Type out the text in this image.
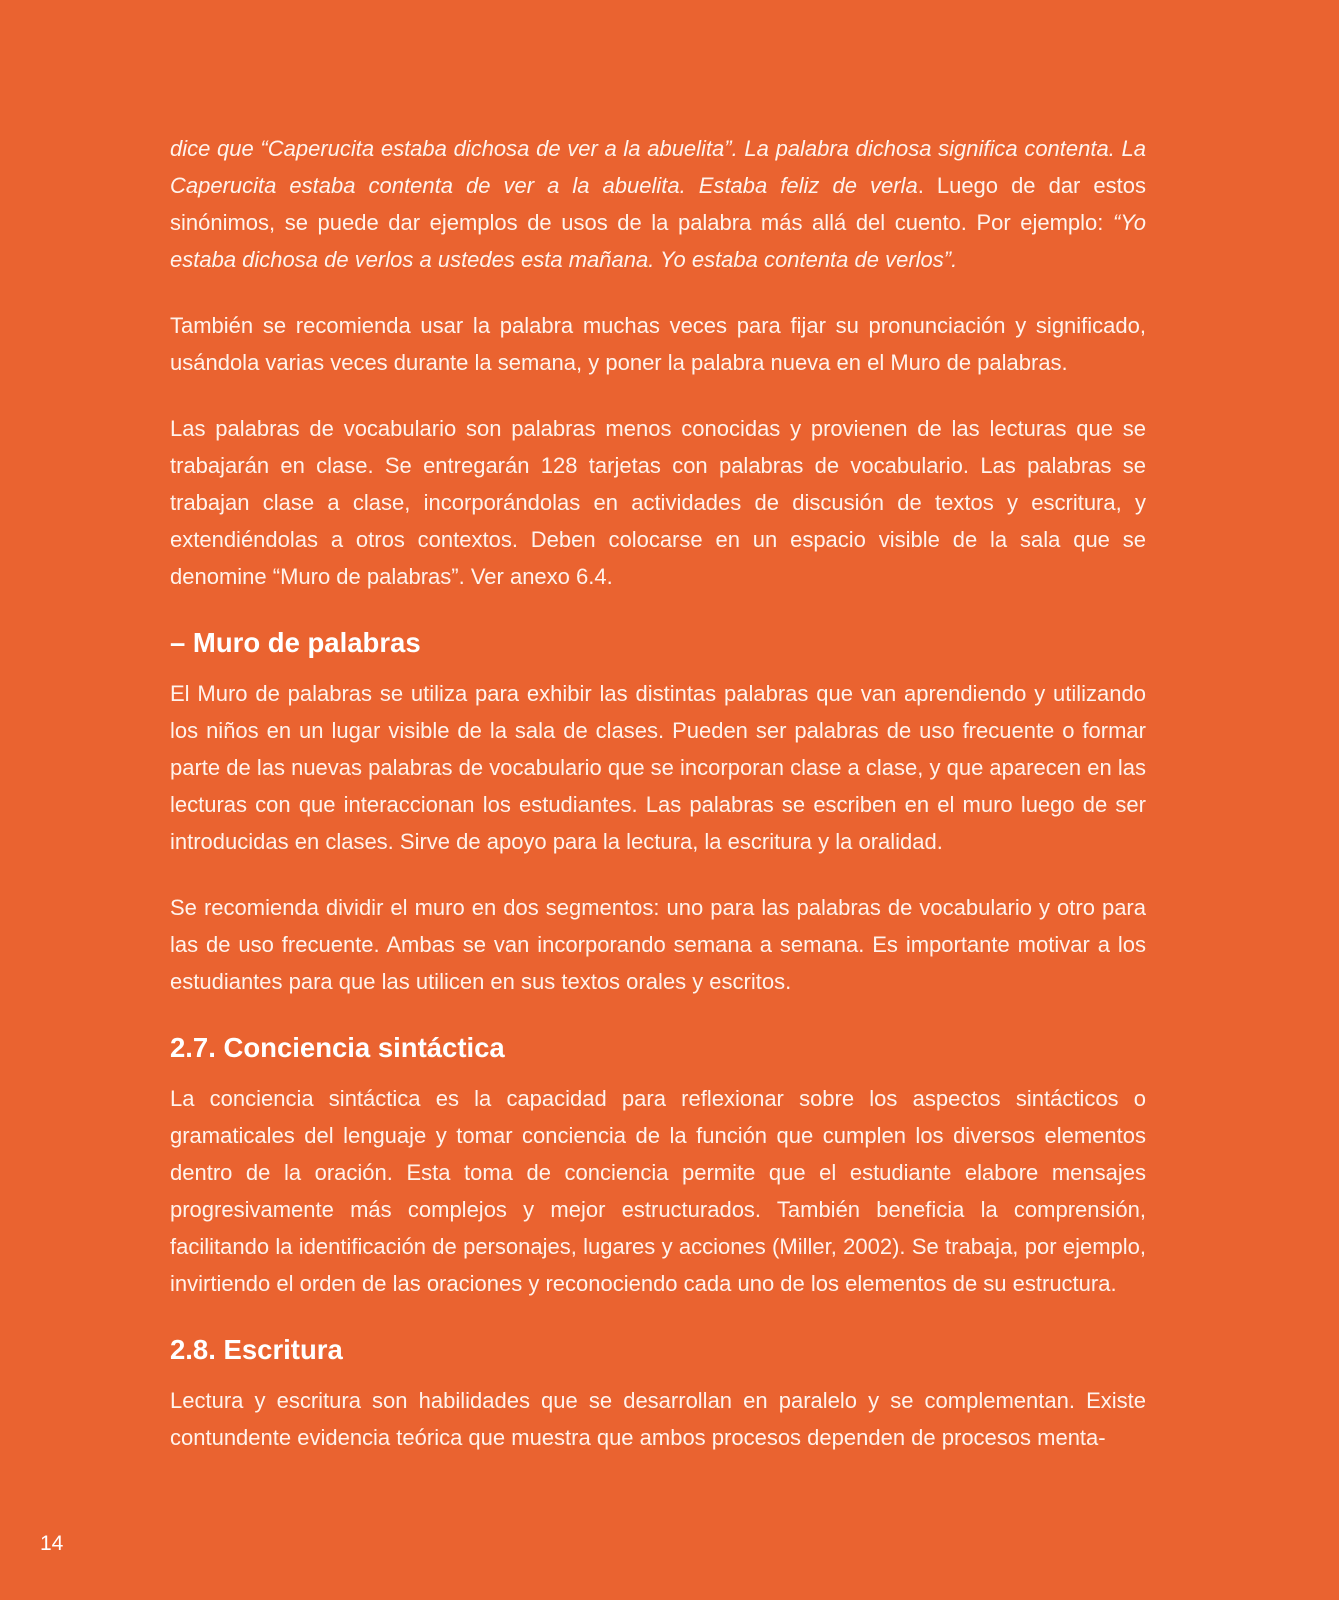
dice que “Caperucita estaba dichosa de ver a la abuelita”. La palabra dichosa significa contenta. La Caperucita estaba contenta de ver a la abuelita. Estaba feliz de verla. Luego de dar estos sinónimos, se puede dar ejemplos de usos de la palabra más allá del cuento. Por ejemplo: “Yo estaba dichosa de verlos a ustedes esta mañana. Yo estaba contenta de verlos”.

También se recomienda usar la palabra muchas veces para fijar su pronunciación y significado, usándola varias veces durante la semana, y poner la palabra nueva en el Muro de palabras.

Las palabras de vocabulario son palabras menos conocidas y provienen de las lecturas que se trabajarán en clase. Se entregarán 128 tarjetas con palabras de vocabulario. Las palabras se trabajan clase a clase, incorporándolas en actividades de discusión de textos y escritura, y extendiéndolas a otros contextos. Deben colocarse en un espacio visible de la sala que se denomine “Muro de palabras”. Ver anexo 6.4.

– Muro de palabras

El Muro de palabras se utiliza para exhibir las distintas palabras que van aprendiendo y utilizando los niños en un lugar visible de la sala de clases. Pueden ser palabras de uso frecuente o formar parte de las nuevas palabras de vocabulario que se incorporan clase a clase, y que aparecen en las lecturas con que interaccionan los estudiantes. Las palabras se escriben en el muro luego de ser introducidas en clases. Sirve de apoyo para la lectura, la escritura y la oralidad.

Se recomienda dividir el muro en dos segmentos: uno para las palabras de vocabulario y otro para las de uso frecuente. Ambas se van incorporando semana a semana. Es importante motivar a los estudiantes para que las utilicen en sus textos orales y escritos.

2.7. Conciencia sintáctica

La conciencia sintáctica es la capacidad para reflexionar sobre los aspectos sintácticos o gramaticales del lenguaje y tomar conciencia de la función que cumplen los diversos elementos dentro de la oración. Esta toma de conciencia permite que el estudiante elabore mensajes progresivamente más complejos y mejor estructurados. También beneficia la comprensión, facilitando la identificación de personajes, lugares y acciones (Miller, 2002). Se trabaja, por ejemplo, invirtiendo el orden de las oraciones y reconociendo cada uno de los elementos de su estructura.

2.8. Escritura

Lectura y escritura son habilidades que se desarrollan en paralelo y se complementan. Existe contundente evidencia teórica que muestra que ambos procesos dependen de procesos menta-

14
